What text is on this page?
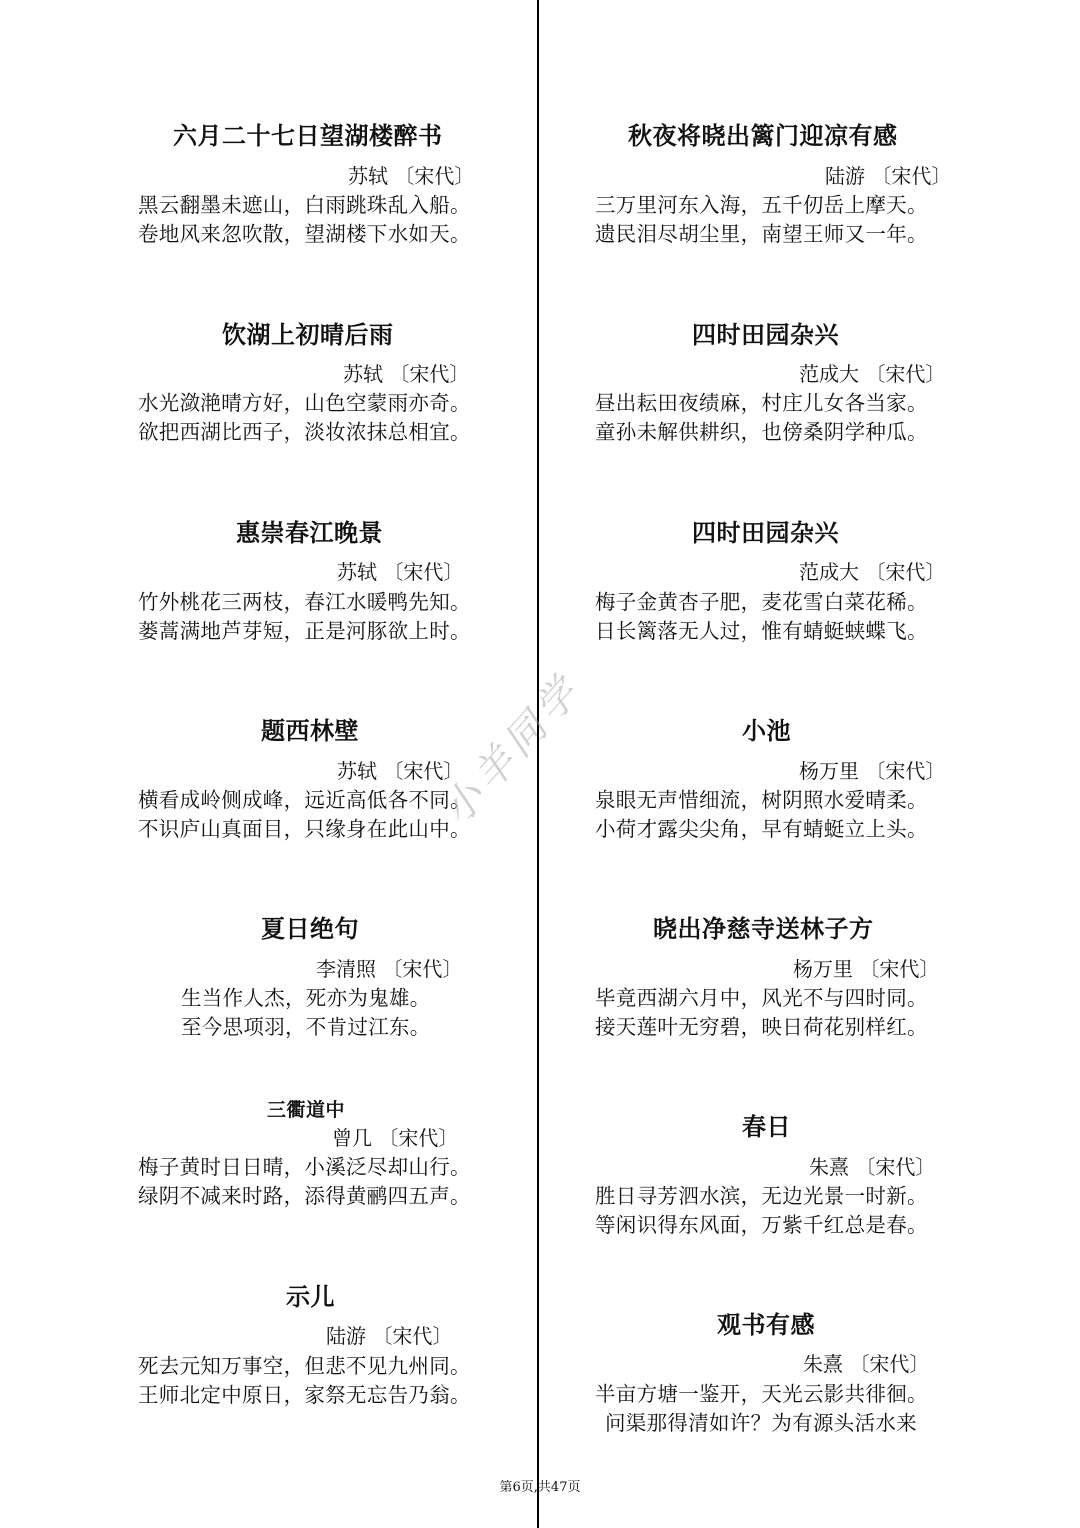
六月二十七日望湖楼醉书
苏轼 〔宋代〕
黑云翻墨未遮山，白雨跳珠乱入船。
卷地风来忽吹散，望湖楼下水如天。
饮湖上初晴后雨
苏轼 〔宋代〕
水光潋滟晴方好，山色空蒙雨亦奇。
欲把西湖比西子，淡妆浓抹总相宜。
惠崇春江晚景
苏轼 〔宋代〕
竹外桃花三两枝，春江水暖鸭先知。
蒌蒿满地芦芽短，正是河豚欲上时。
题西林壁
苏轼 〔宋代〕
横看成岭侧成峰，远近高低各不同。
不识庐山真面目，只缘身在此山中。
夏日绝句
李清照 〔宋代〕
生当作人杰，死亦为鬼雄。
至今思项羽，不肯过江东。
三衢道中
曾几 〔宋代〕
梅子黄时日日晴，小溪泛尽却山行。
绿阴不减来时路，添得黄鹂四五声。
示儿
陆游 〔宋代〕
死去元知万事空，但悲不见九州同。
王师北定中原日，家祭无忘告乃翁。
秋夜将晓出篱门迎凉有感
陆游 〔宋代〕
三万里河东入海，五千仞岳上摩天。
遗民泪尽胡尘里，南望王师又一年。
四时田园杂兴
范成大 〔宋代〕
昼出耘田夜绩麻，村庄儿女各当家。
童孙未解供耕织，也傍桑阴学种瓜。
四时田园杂兴
范成大 〔宋代〕
梅子金黄杏子肥，麦花雪白菜花稀。
日长篱落无人过，惟有蜻蜓蛱蝶飞。
小池
杨万里 〔宋代〕
泉眼无声惜细流，树阴照水爱晴柔。
小荷才露尖尖角，早有蜻蜓立上头。
晓出净慈寺送林子方
杨万里 〔宋代〕
毕竟西湖六月中，风光不与四时同。
接天莲叶无穷碧，映日荷花别样红。
春日
朱熹 〔宋代〕
胜日寻芳泗水滨，无边光景一时新。
等闲识得东风面，万紫千红总是春。
观书有感
朱熹 〔宋代〕
半亩方塘一鉴开，天光云影共徘徊。
问渠那得清如许？为有源头活水来
小羊同学
第6页,共47页
